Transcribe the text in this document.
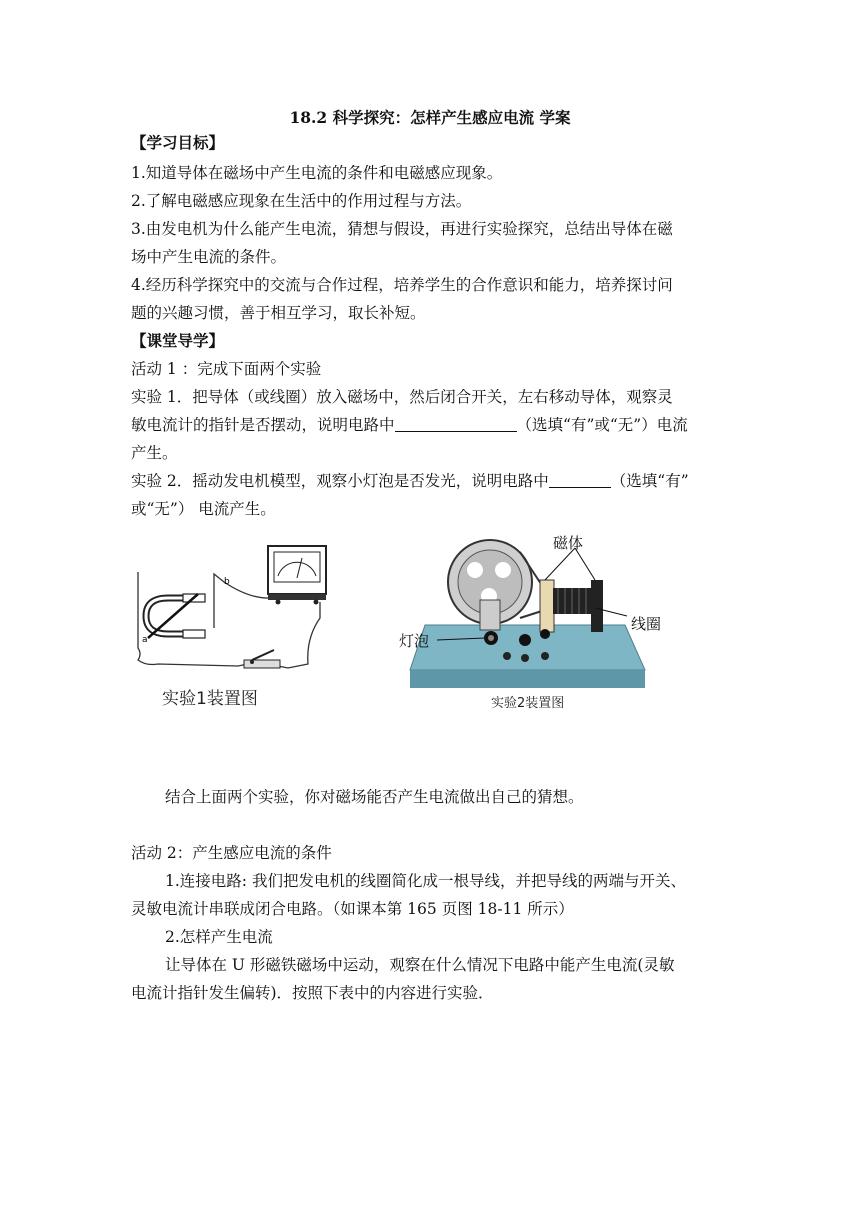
18.2 科学探究：怎样产生感应电流 学案
【学习目标】
1.知道导体在磁场中产生电流的条件和电磁感应现象。
2.了解电磁感应现象在生活中的作用过程与方法。
3.由发电机为什么能产生电流，猜想与假设，再进行实验探究，总结出导体在磁
场中产生电流的条件。
4.经历科学探究中的交流与合作过程，培养学生的合作意识和能力，培养探讨问
题的兴趣习惯，善于相互学习，取长补短。
【课堂导学】
活动 1 ：完成下面两个实验
实验 1．把导体（或线圈）放入磁场中，然后闭合开关，左右移动导体，观察灵
敏电流计的指针是否摆动，说明电路中	（选填“有”或“无”）电流
产生。
实验 2．摇动发电机模型，观察小灯泡是否发光，说明电路中	（选填“有”
或“无”） 电流产生。
a
b
实验1装置图
磁体
线圈
灯泡
实验2装置图
结合上面两个实验，你对磁场能否产生电流做出自己的猜想。
活动 2：产生感应电流的条件
1.连接电路: 我们把发电机的线圈简化成一根导线，并把导线的两端与开关、
灵敏电流计串联成闭合电路。（如课本第 165 页图 18-11 所示）
2.怎样产生电流
让导体在 U 形磁铁磁场中运动，观察在什么情况下电路中能产生电流(灵敏
电流计指针发生偏转)．按照下表中的内容进行实验．
